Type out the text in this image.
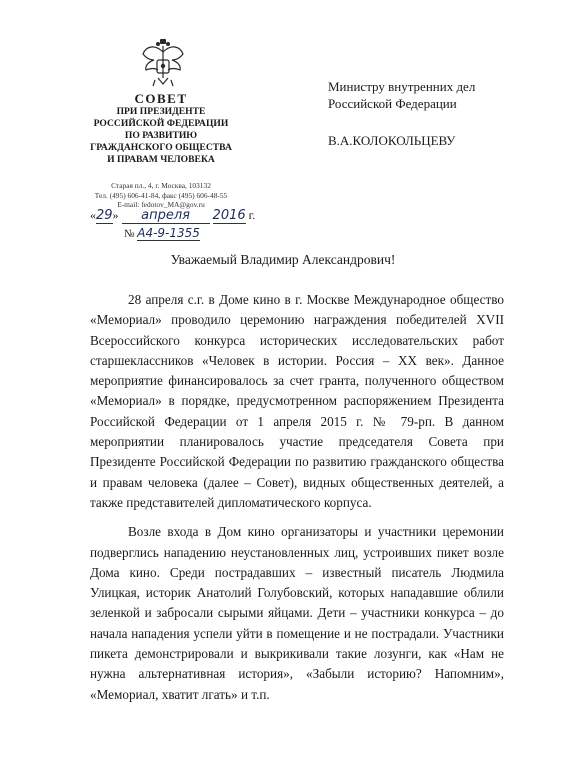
СОВЕТ
ПРИ ПРЕЗИДЕНТЕ
РОССИЙСКОЙ ФЕДЕРАЦИИ
ПО РАЗВИТИЮ
ГРАЖДАНСКОГО ОБЩЕСТВА
И ПРАВАМ ЧЕЛОВЕКА
Старая пл., 4, г. Москва, 103132
Тел. (495) 606-41-84, факс (495) 606-48-55
E-mail: fedotov_MA@gov.ru
«29» апреля 2016 г.
№ А4-9-1355
Министру внутренних дел
Российской Федерации
В.А.КОЛОКОЛЬЦЕВУ
Уважаемый Владимир Александрович!

28 апреля с.г. в Доме кино в г. Москве Международное общество «Мемориал» проводило церемонию награждения победителей XVII Всероссийского конкурса исторических исследовательских работ старшеклассников «Человек в истории. Россия – XX век». Данное мероприятие финансировалось за счет гранта, полученного обществом «Мемориал» в порядке, предусмотренном распоряжением Президента Российской Федерации от 1 апреля 2015 г. № 79-рп. В данном мероприятии планировалось участие председателя Совета при Президенте Российской Федерации по развитию гражданского общества и правам человека (далее – Совет), видных общественных деятелей, а также представителей дипломатического корпуса.

Возле входа в Дом кино организаторы и участники церемонии подверглись нападению неустановленных лиц, устроивших пикет возле Дома кино. Среди пострадавших – известный писатель Людмила Улицкая, историк Анатолий Голубовский, которых нападавшие облили зеленкой и забросали сырыми яйцами. Дети – участники конкурса – до начала нападения успели уйти в помещение и не пострадали. Участники пикета демонстрировали и выкрикивали такие лозунги, как «Нам не нужна альтернативная история», «Забыли историю? Напомним», «Мемориал, хватит лгать» и т.п.
